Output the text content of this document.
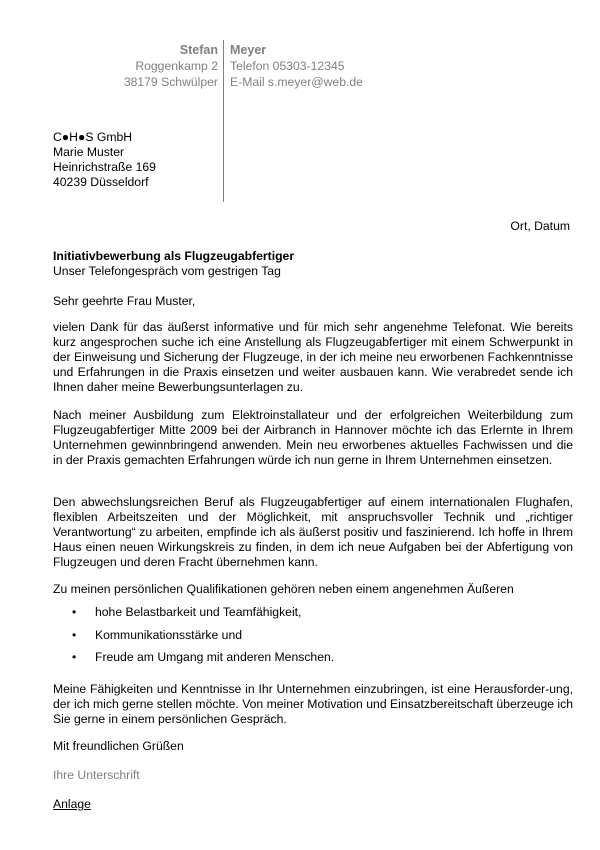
Stefan
Roggenkamp 2
38179 Schwülper
Meyer
Telefon 05303-12345
E-Mail s.meyer@web.de
C●H●S GmbH
Marie Muster
Heinrichstraße 169
40239 Düsseldorf
Ort, Datum
Initiativbewerbung als Flugzeugabfertiger
Unser Telefongespräch vom gestrigen Tag
Sehr geehrte Frau Muster,

vielen Dank für das äußerst informative und für mich sehr angenehme Telefonat. Wie bereits kurz angesprochen suche ich eine Anstellung als Flugzeugabfertiger mit einem Schwerpunkt in der Einweisung und Sicherung der Flugzeuge, in der ich meine neu erworbenen Fachkenntnisse und Erfahrungen in die Praxis einsetzen und weiter ausbauen kann. Wie verabredet sende ich Ihnen daher meine Bewerbungsunterlagen zu.

Nach meiner Ausbildung zum Elektroinstallateur und der erfolgreichen Weiterbildung zum Flugzeugabfertiger Mitte 2009 bei der Airbranch in Hannover möchte ich das Erlernte in Ihrem Unternehmen gewinnbringend anwenden. Mein neu erworbenes aktuelles Fachwissen und die in der Praxis gemachten Erfahrungen würde ich nun gerne in Ihrem Unternehmen einsetzen.

Den abwechslungsreichen Beruf als Flugzeugabfertiger auf einem internationalen Flughafen, flexiblen Arbeitszeiten und der Möglichkeit, mit anspruchsvoller Technik und „richtiger Verantwortung“ zu arbeiten, empfinde ich als äußerst positiv und faszinierend. Ich hoffe in Ihrem Haus einen neuen Wirkungskreis zu finden, in dem ich neue Aufgaben bei der Abfertigung von Flugzeugen und deren Fracht übernehmen kann.

Zu meinen persönlichen Qualifikationen gehören neben einem angenehmen Äußeren

• hohe Belastbarkeit und Teamfähigkeit,
• Kommunikationsstärke und
• Freude am Umgang mit anderen Menschen.

Meine Fähigkeiten und Kenntnisse in Ihr Unternehmen einzubringen, ist eine Herausforder-ung, der ich mich gerne stellen möchte. Von meiner Motivation und Einsatzbereitschaft überzeuge ich Sie gerne in einem persönlichen Gespräch.

Mit freundlichen Grüßen
Ihre Unterschrift
Anlage
